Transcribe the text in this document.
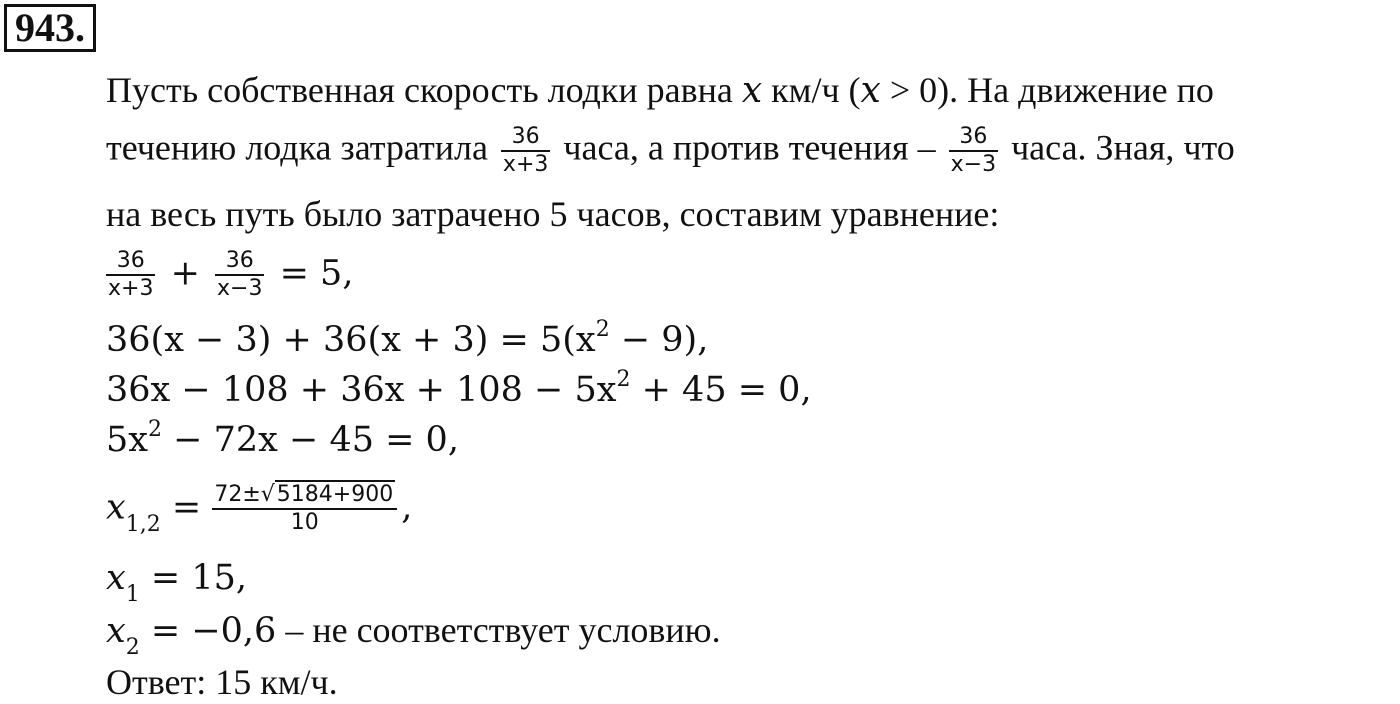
943.
Пусть собственная скорость лодки равна x км/ч (x > 0). На движение по
течению лодка затратила $\frac{36}{x+3}$ часа, а против течения – $\frac{36}{x-3}$ часа. Зная, что
на весь путь было затрачено 5 часов, составим уравнение:
$\frac{36}{x+3} + \frac{36}{x-3} = 5$,
$36(x - 3) + 36(x + 3) = 5(x^2 - 9)$,
$36x - 108 + 36x + 108 - 5x^2 + 45 = 0$,
$5x^2 - 72x - 45 = 0$,
$x_{1,2} = \frac{72\pm√5184+900}{10}$ ,
$x_1 = 15$,
$x_2 = -0,6$ – не соответствует условию.
Ответ: 15 км/ч.
